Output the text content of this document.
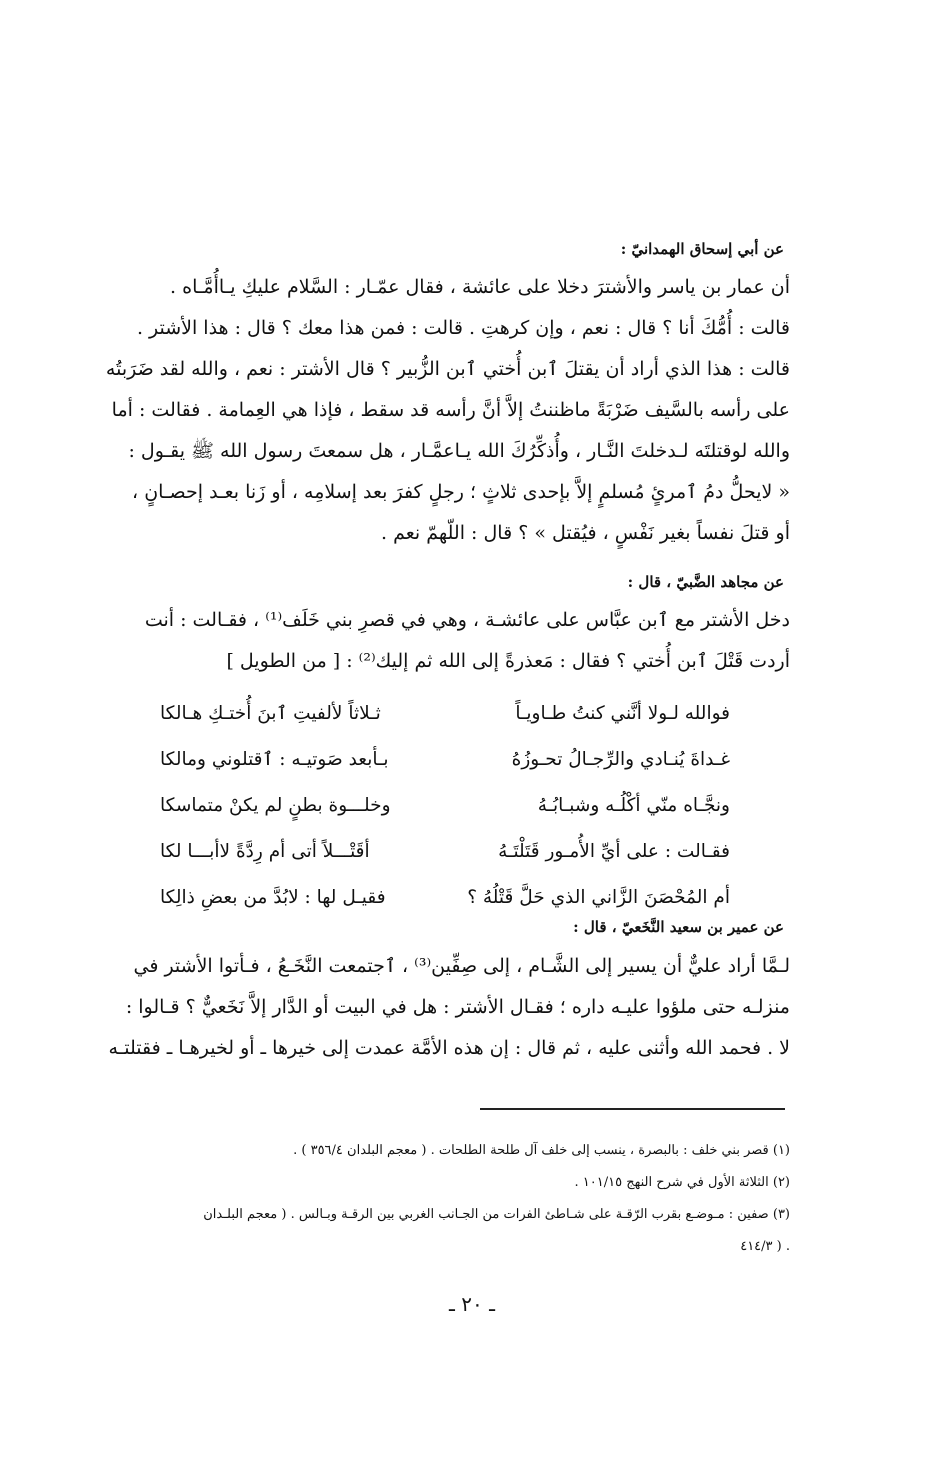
عن أبي إسحاق الهمدانيّ :

أن عمار بن ياسر والأشترَ دخلا على عائشة ، فقال عمّـار : السَّلام عليكِ يـاأُمَّـاه .

قالت : أُمُّكَ أنا ؟ قال : نعم ، وإن كرهتِ . قالت : فمن هذا معك ؟ قال : هذا الأشتر .

قالت : هذا الذي أراد أن يقتلَ ٱبن أُختي ٱبن الزُّبير ؟ قال الأشتر : نعم ، والله لقد ضَرَبتُه

على رأسه بالسَّيف ضَرْبَةً ماظننتُ إلاَّ أنَّ رأسه قد سقط ، فإذا هي العِمامة . فقالت : أما

والله لوقتلتَه لـدخلتَ النَّـار ، وأُذكِّرُكَ الله يـاعمَّـار ، هل سمعتَ رسول الله ﷺ يقـول :

« لايحلُّ دمُ ٱمرئٍ مُسلمٍ إلاَّ بإحدى ثلاثٍ ؛ رجلٍ كفرَ بعد إسلامِه ، أو زَنا بعـد إحصـانٍ ،

أو قتلَ نفساً بغير نَفْسٍ ، فيُقتل » ؟ قال : اللّهمّ نعم .

عن مجاهد الضَّبيّ ، قال :

دخل الأشتر مع ٱبن عبَّاس على عائشـة ، وهي في قصرِ بني خَلَف⁽¹⁾ ، فقـالت : أنت

أردت قَتْلَ ٱبن أُختي ؟ فقال : مَعذرةً إلى الله ثم إليك⁽²⁾ : [ من الطويل ]

فوالله لـولا أنَّني كنتُ طـاويـاً
ثـلاثاً لألفيتِ ٱبنَ أُختـكِ هـالكا
غـداةَ يُنـادي والرِّجـالُ تحـوزُهُ
بـأبعد صَوتيـه : ٱقتلوني ومالكا
ونجَّـاه منّي أكْلُـه وشبـابُـهُ
وخلـــوة بطنٍ لم يكنْ متماسكا
فقـالت : على أيِّ الأُمـور قَتَلْتَـهُ
أقَتْـــلاً أتى أم رِدَّةً لاأبـــا لكا
أم المُحْصَنَ الزَّاني الذي حَلَّ قَتْلُهُ ؟
فقيـل لها : لابُدَّ من بعضِ ذالِكا
عن عمير بن سعيد النَّخَعيّ ، قال :

لـمَّا أراد عليٌّ أن يسير إلى الشَّـام ، إلى صِفِّين⁽³⁾ ، ٱجتمعت النَّخَـعُ ، فـأتوا الأشتر في

منزلـه حتى ملؤوا عليـه داره ؛ فقـال الأشتر : هل في البيت أو الدَّار إلاَّ نَخَعيٌّ ؟ قـالوا :

لا . فحمد الله وأثنى عليه ، ثم قال : إن هذه الأمَّة عمدت إلى خيرها ـ أو لخيرهـا ـ فقتلتـه

(١) قصر بني خلف : بالبصرة ، ينسب إلى خلف آل طلحة الطلحات . ( معجم البلدان ٣٥٦/٤ ) .

(٢) الثلاثة الأول في شرح النهج ١٠١/١٥ .

(٣) صفين : مـوضـع بقرب الرّقـة على شـاطئ الفرات من الجـانب الغربي بين الرقـة وبـالس . ( معجم البلـدان

. ( ٤١٤/٣

ـ ٢٠ ـ
